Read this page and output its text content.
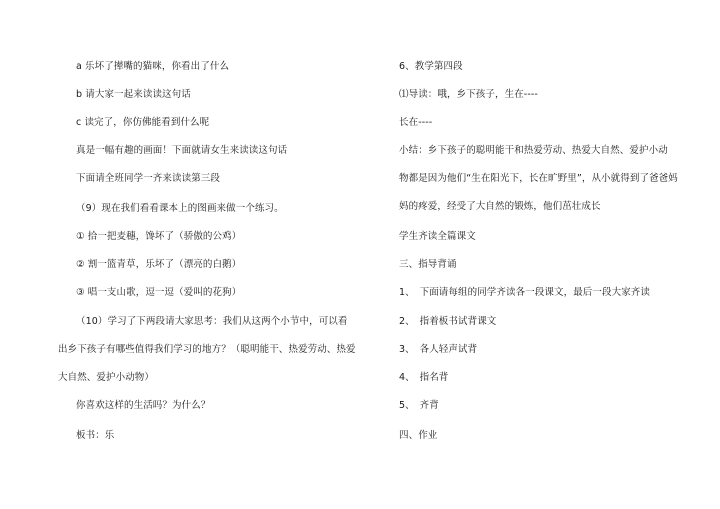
a 乐坏了撵嘴的猫咪，你看出了什么
b 请大家一起来读读这句话
c 读完了，你仿佛能看到什么呢
真是一幅有趣的画面！下面就请女生来读读这句话
下面请全班同学一齐来读读第三段
（9）现在我们看看课本上的图画来做一个练习。
① 拾一把麦穗，馋坏了（骄傲的公鸡）
② 割一篮青草，乐坏了（漂亮的白鹅）
③ 唱一支山歌，逗一逗（爱叫的花狗）
（10）学习了下两段请大家思考：我们从这两个小节中，可以看
出乡下孩子有哪些值得我们学习的地方？（聪明能干、热爱劳动、热爱
大自然、爱护小动物）
你喜欢这样的生活吗？为什么？
板书：乐
6、教学第四段
⑴导读：哦，乡下孩子，生在----
长在----
小结：乡下孩子的聪明能干和热爱劳动、热爱大自然、爱护小动
物都是因为他们“生在阳光下，长在旷野里”，从小就得到了爸爸妈
妈的疼爱，经受了大自然的锻炼，他们茁壮成长
学生齐读全篇课文
三、指导背诵
1、　下面请每组的同学齐读各一段课文，最后一段大家齐读
2、　指着板书试背课文
3、　各人轻声试背
4、　指名背
5、　齐背
四、作业
